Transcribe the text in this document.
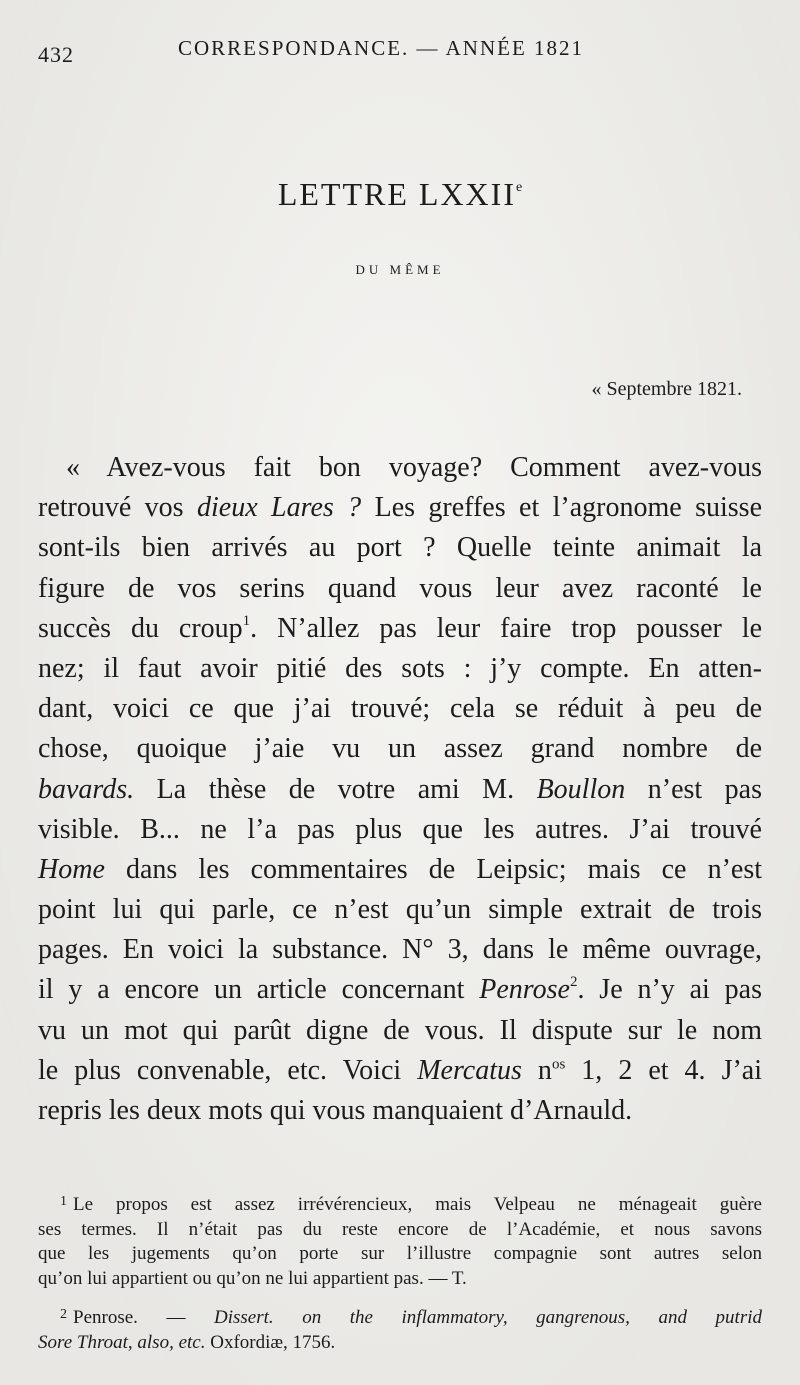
432	CORRESPONDANCE. — ANNÉE 1821
LETTRE LXXIIe
DU MÊME
« Septembre 1821.
« Avez-vous fait bon voyage? Comment avez-vous
retrouvé vos dieux Lares ? Les greffes et l’agronome suisse
sont-ils bien arrivés au port ? Quelle teinte animait la
figure de vos serins quand vous leur avez raconté le
succès du croup$^1$. N’allez pas leur faire trop pousser le
nez; il faut avoir pitié des sots : j’y compte. En atten-
dant, voici ce que j’ai trouvé; cela se réduit à peu de
chose, quoique j’aie vu un assez grand nombre de
bavards. La thèse de votre ami M. Boullon n’est pas
visible. B... ne l’a pas plus que les autres. J’ai trouvé
Home dans les commentaires de Leipsic; mais ce n’est
point lui qui parle, ce n’est qu’un simple extrait de trois
pages. En voici la substance. N° 3, dans le même ouvrage,
il y a encore un article concernant Penrose$^2$. Je n’y ai pas
vu un mot qui parût digne de vous. Il dispute sur le nom
le plus convenable, etc. Voici Mercatus $n^{os}$ 1, 2 et 4. J’ai
repris les deux mots qui vous manquaient d’Arnauld.
$^1$ Le propos est assez irrévérencieux, mais Velpeau ne ménageait guère
ses termes. Il n’était pas du reste encore de l’Académie, et nous savons
que les jugements qu’on porte sur l’illustre compagnie sont autres selon
qu’on lui appartient ou qu’on ne lui appartient pas. — T.
$^2$ Penrose. — Dissert. on the inflammatory, gangrenous, and putrid
Sore Throat, also, etc. Oxfordiæ, 1756.
